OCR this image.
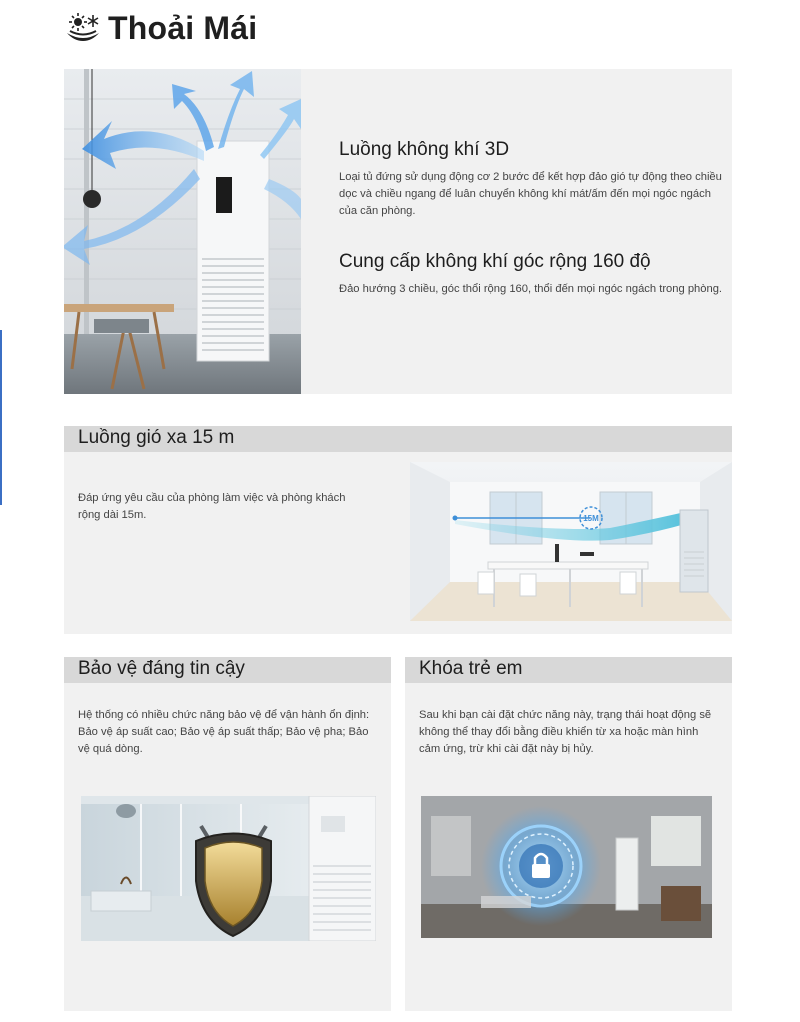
Thoải Mái
Luồng không khí 3D

Loại tủ đứng sử dụng động cơ 2 bước để kết hợp đảo gió tự động theo chiều dọc và chiều ngang để luân chuyển không khí mát/ấm đến mọi ngóc ngách của căn phòng.

Cung cấp không khí góc rộng 160 độ

Đảo hướng 3 chiều, góc thổi rộng 160, thổi đến mọi ngóc ngách trong phòng.

Luồng gió xa 15 m

Đáp ứng yêu cầu của phòng làm việc và phòng khách rộng dài 15m.	15M
Bảo vệ đáng tin cậy

Hệ thống có nhiều chức năng bảo vệ để vận hành ổn định: Bảo vệ áp suất cao; Bảo vệ áp suất thấp; Bảo vệ pha; Bảo vệ quá dòng.

Khóa trẻ em

Sau khi bạn cài đặt chức năng này, trạng thái hoạt động sẽ không thể thay đổi bằng điều khiển từ xa hoặc màn hình cảm ứng, trừ khi cài đặt này bị hủy.
